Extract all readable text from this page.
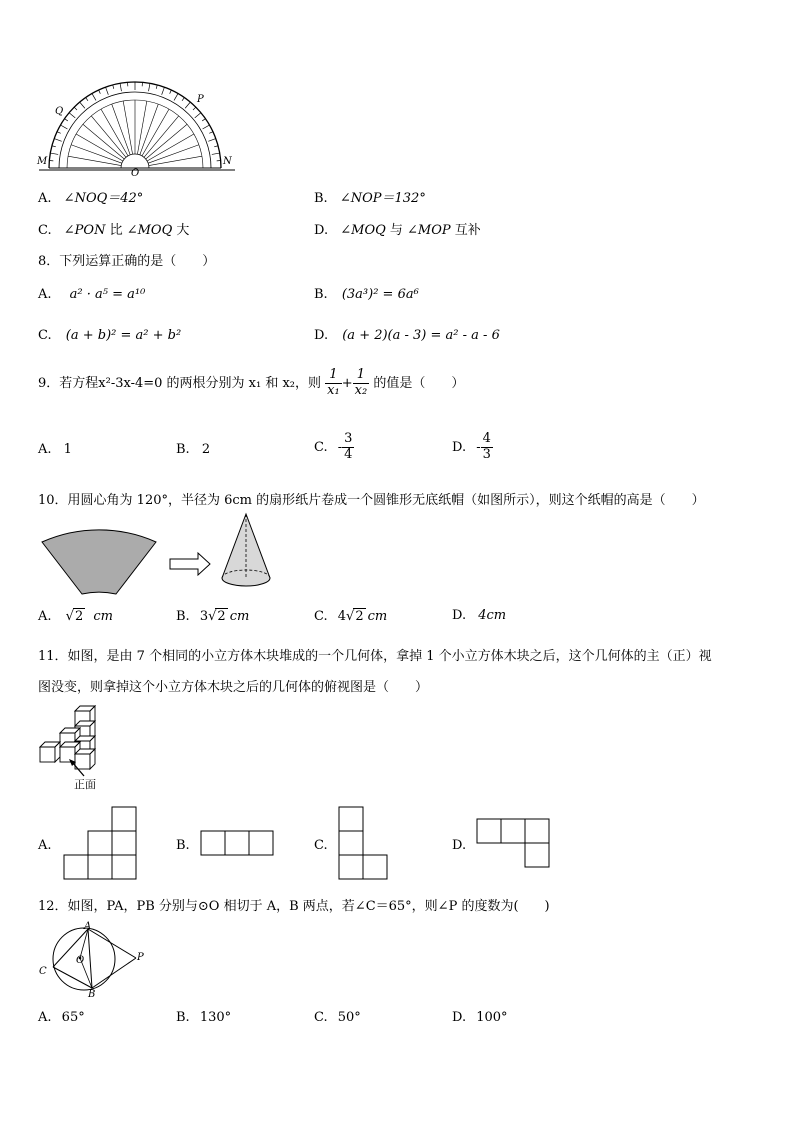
Q
P
M
O
N
A. ∠NOQ＝42°	B. ∠NOP＝132°
C. ∠PON 比 ∠MOQ 大	D. ∠MOQ 与 ∠MOP 互补
8．下列运算正确的是（　　）
A. a² · a⁵ = a¹⁰	B. (3a³)² = 6a⁶
C. (a + b)² = a² + b²	D. (a + 2)(a - 3) = a² - a - 6
9．若方程x²-3x-4=0 的两根分别为 x₁ 和 x₂，则 $\frac{1}{\text{x₁}} + \frac{1}{\text{x₂}}$ 的值是（　　）
A. 1	B. 2	C. - $\frac{3}{4}$	D. - $\frac{4}{3}$
10．用圆心角为 120°，半径为 6cm 的扇形纸片卷成一个圆锥形无底纸帽（如图所示），则这个纸帽的高是（　　）
A. √2 cm	B. 3√2 cm	C. 4√2 cm	D. 4cm
11．如图，是由 7 个相同的小立方体木块堆成的一个几何体，拿掉 1 个小立方体木块之后，这个几何体的主（正）视
图没变，则拿掉这个小立方体木块之后的几何体的俯视图是（　　）
正面
A.	B.	C.	D.
12．如图，PA，PB 分别与⊙O 相切于 A，B 两点，若∠C＝65°，则∠P 的度数为(　　)
A
B
C
O	P
A. 65°	B. 130°	C. 50°	D. 100°
